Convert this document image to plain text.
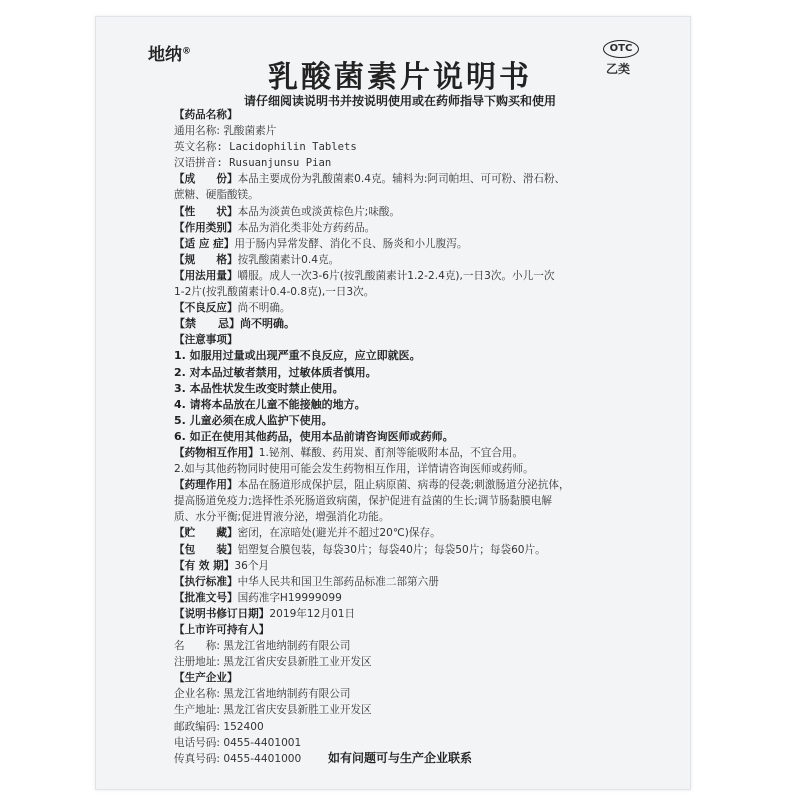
地纳®	OTC
乙类
乳酸菌素片说明书
请仔细阅读说明书并按说明使用或在药师指导下购买和使用
【药品名称】
通用名称: 乳酸菌素片
英文名称: Lacidophilin Tablets
汉语拼音: Rusuanjunsu Pian
【成　　份】本品主要成份为乳酸菌素0.4克。辅料为:阿司帕坦、可可粉、滑石粉、
蔗糖、硬脂酸镁。
【性　　状】本品为淡黄色或淡黄棕色片;味酸。
【作用类别】本品为消化类非处方药药品。
【适 应 症】用于肠内异常发酵、消化不良、肠炎和小儿腹泻。
【规　　格】按乳酸菌素计0.4克。
【用法用量】嚼服。成人一次3-6片(按乳酸菌素计1.2-2.4克),一日3次。小儿一次
1-2片(按乳酸菌素计0.4-0.8克),一日3次。
【不良反应】尚不明确。
【禁　　忌】尚不明确。
【注意事项】
1. 如服用过量或出现严重不良反应，应立即就医。
2. 对本品过敏者禁用，过敏体质者慎用。
3. 本品性状发生改变时禁止使用。
4. 请将本品放在儿童不能接触的地方。
5. 儿童必须在成人监护下使用。
6. 如正在使用其他药品，使用本品前请咨询医师或药师。
【药物相互作用】1.铋剂、鞣酸、药用炭、酊剂等能吸附本品，不宜合用。
2.如与其他药物同时使用可能会发生药物相互作用，详情请咨询医师或药师。
【药理作用】本品在肠道形成保护层，阻止病原菌、病毒的侵袭;刺激肠道分泌抗体，
提高肠道免疫力;选择性杀死肠道致病菌，保护促进有益菌的生长;调节肠黏膜电解
质、水分平衡;促进胃液分泌，增强消化功能。
【贮　　藏】密闭，在凉暗处(避光并不超过20℃)保存。
【包　　装】铝塑复合膜包装，每袋30片；每袋40片；每袋50片；每袋60片。
【有 效 期】36个月
【执行标准】中华人民共和国卫生部药品标准二部第六册
【批准文号】国药准字H19999099
【说明书修订日期】2019年12月01日
【上市许可持有人】
名　　称: 黑龙江省地纳制药有限公司
注册地址: 黑龙江省庆安县新胜工业开发区
【生产企业】
企业名称: 黑龙江省地纳制药有限公司
生产地址: 黑龙江省庆安县新胜工业开发区
邮政编码: 152400
电话号码: 0455-4401001
传真号码: 0455-4401000	如有问题可与生产企业联系
